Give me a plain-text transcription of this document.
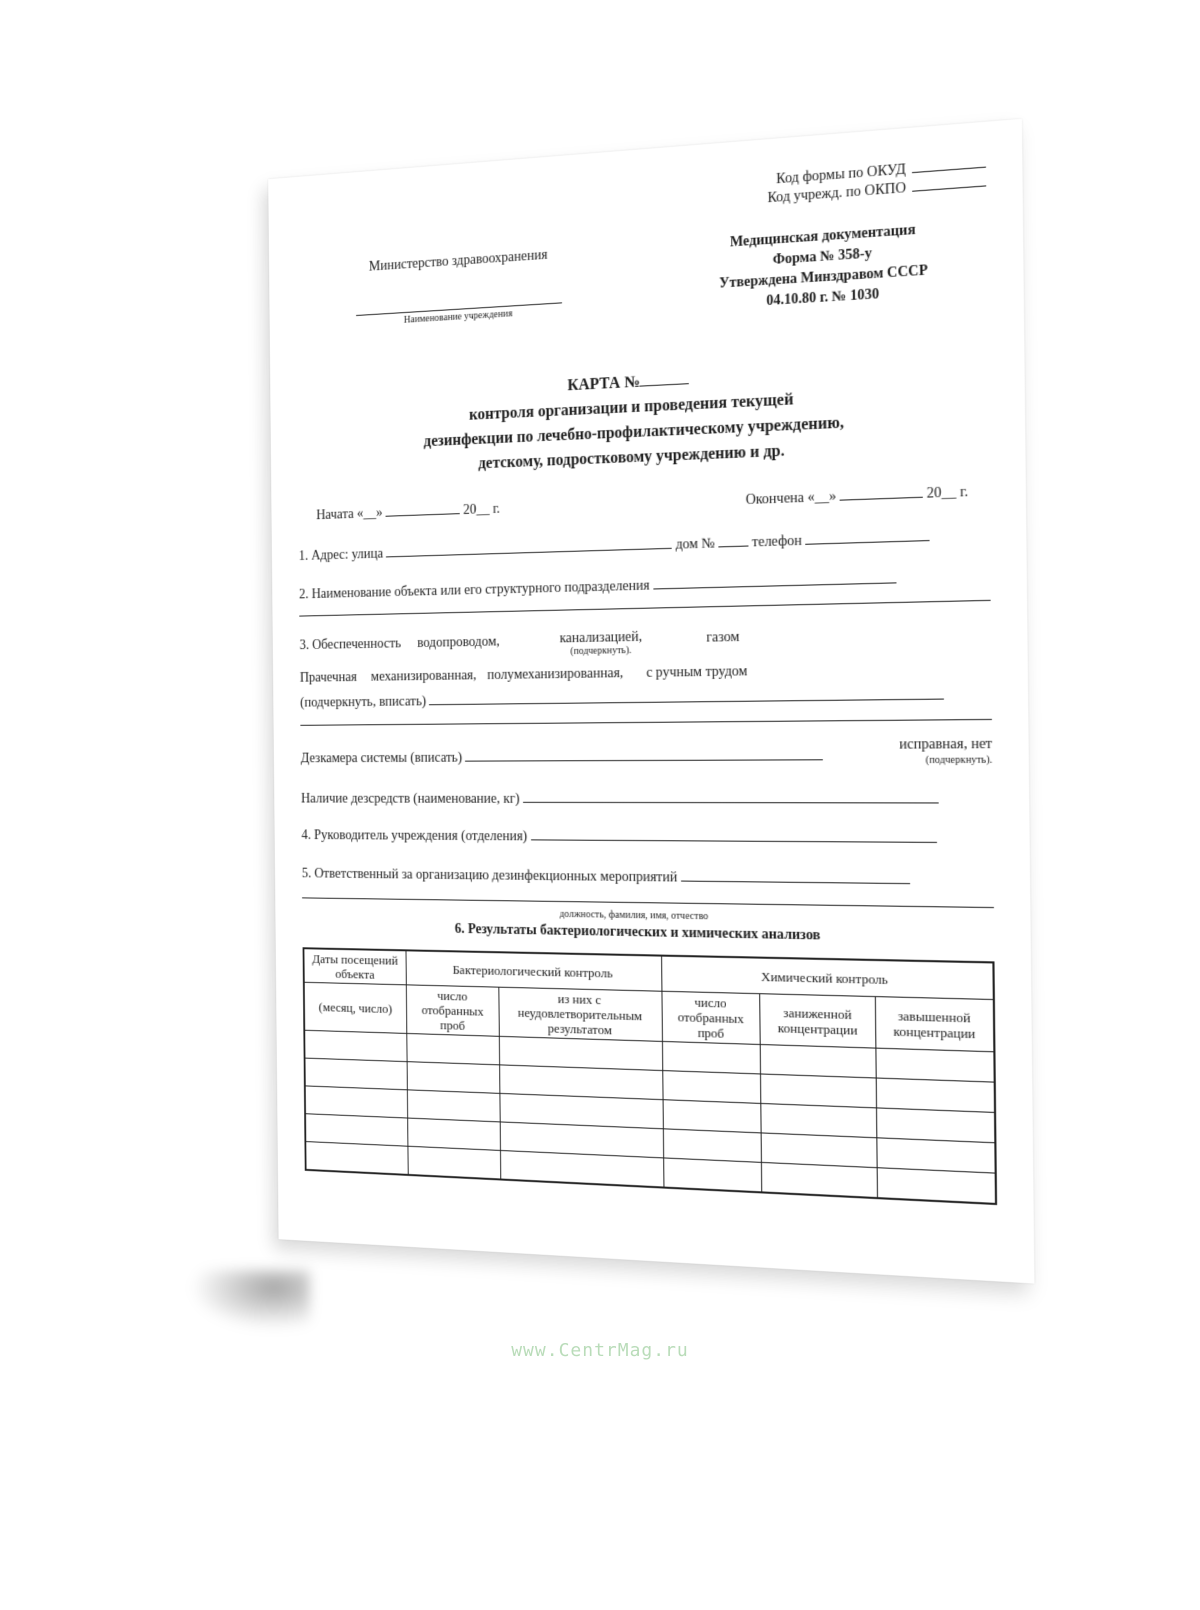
Код формы по ОКУД
Код учрежд. по ОКПО
Министерство здравоохранения
Наименование учреждения
Медицинская документация
Форма № 358-у
Утверждена Минздравом СССР
04.10.80 г. № 1030
КАРТА №
контроля организации и проведения текущей
дезинфекции по лечебно-профилактическому учреждению,
детскому, подростковому учреждению и др.
Начата «__»	20__ г.
Окончена «__»	20__ г.
1. Адрес: улица  дом №	телефон
2. Наименование объекта или его структурного подразделения
3. Обеспеченность водопроводом,	канализацией,
(подчеркнуть).
газом
Прачечная механизированная, полумеханизированная, с ручным трудом
(подчеркнуть, вписать)
Дезкамера системы (вписать)
исправная, нет
(подчеркнуть).
Наличие дезсредств (наименование, кг)
4. Руководитель учреждения (отделения)
5. Ответственный за организацию дезинфекционных мероприятий
должность, фамилия, имя, отчество
6. Результаты бактериологических и химических анализов
Даты посещений объекта	Бактериологический контроль		Химический контроль		
(месяц, число)	число отобранных проб	из них с неудовлетворительным результатом	число отобранных проб	заниженной концентрации	завышенной концентрации

www.CentrMag.ru
